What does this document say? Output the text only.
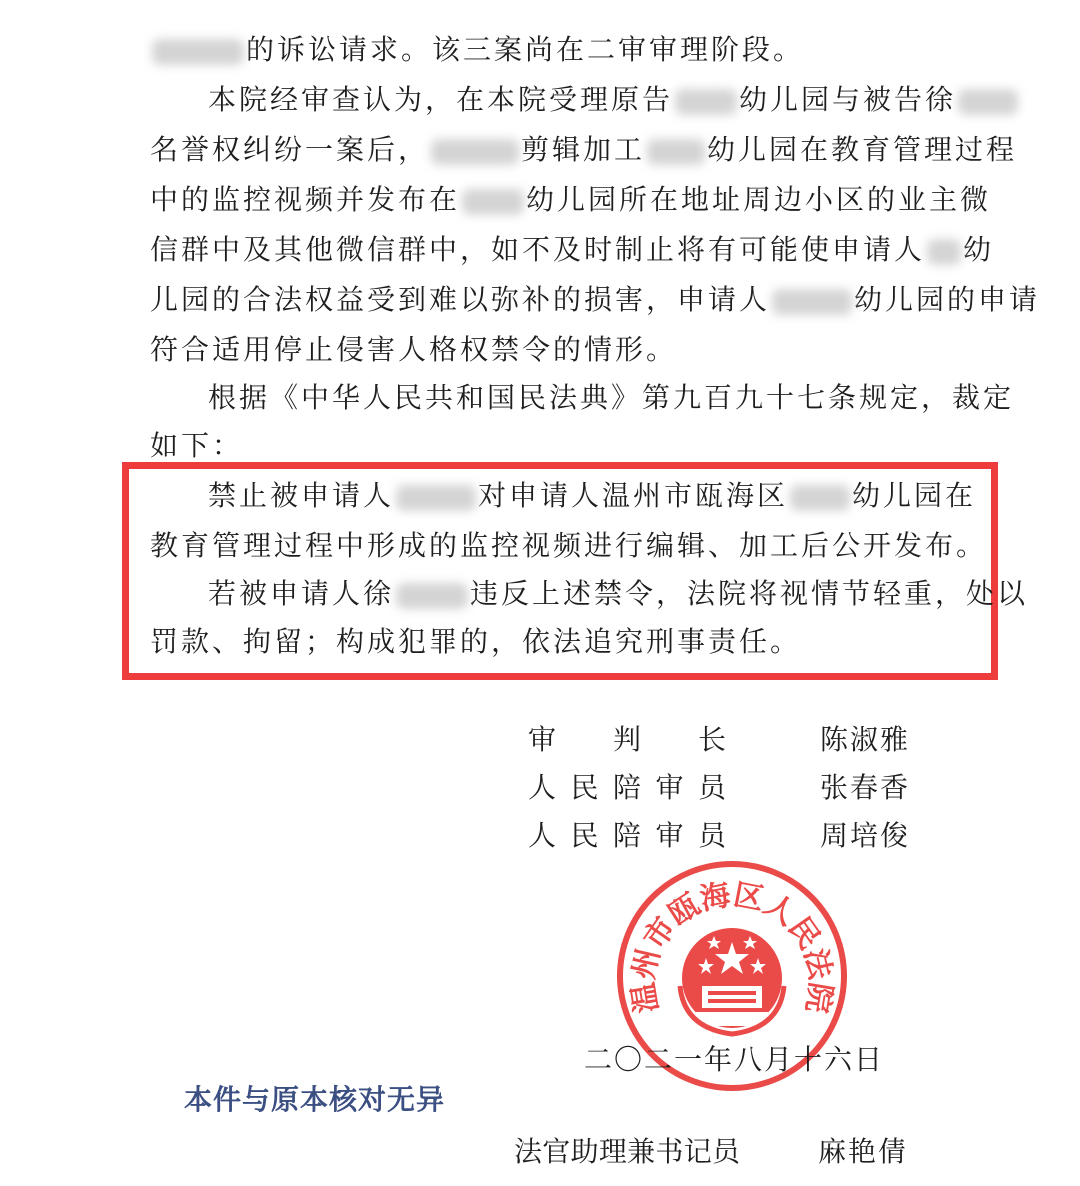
的诉讼请求。该三案尚在二审审理阶段。
本院经审查认为，在本院受理原告 幼儿园与被告徐
名誉权纠纷一案后，	剪辑加工 幼儿园在教育管理过程
中的监控视频并发布在 幼儿园所在地址周边小区的业主微
信群中及其他微信群中，如不及时制止将有可能使申请人 幼
儿园的合法权益受到难以弥补的损害，申请人	幼儿园的申请
符合适用停止侵害人格权禁令的情形。
根据《中华人民共和国民法典》第九百九十七条规定，裁定
如下：
禁止被申请人	对申请人温州市瓯海区 幼儿园在
教育管理过程中形成的监控视频进行编辑、加工后公开发布。
若被申请人徐	违反上述禁令，法院将视情节轻重，处以
罚款、拘留；构成犯罪的，依法追究刑事责任。
审 判 长	陈淑雅
人 民 陪 审 员	张春香
人 民 陪 审 员	周培俊
温州市瓯海区人民法院
二〇二一年八月十六日
本件与原本核对无异
法 官 助 理 兼 书 记 员	麻艳倩
